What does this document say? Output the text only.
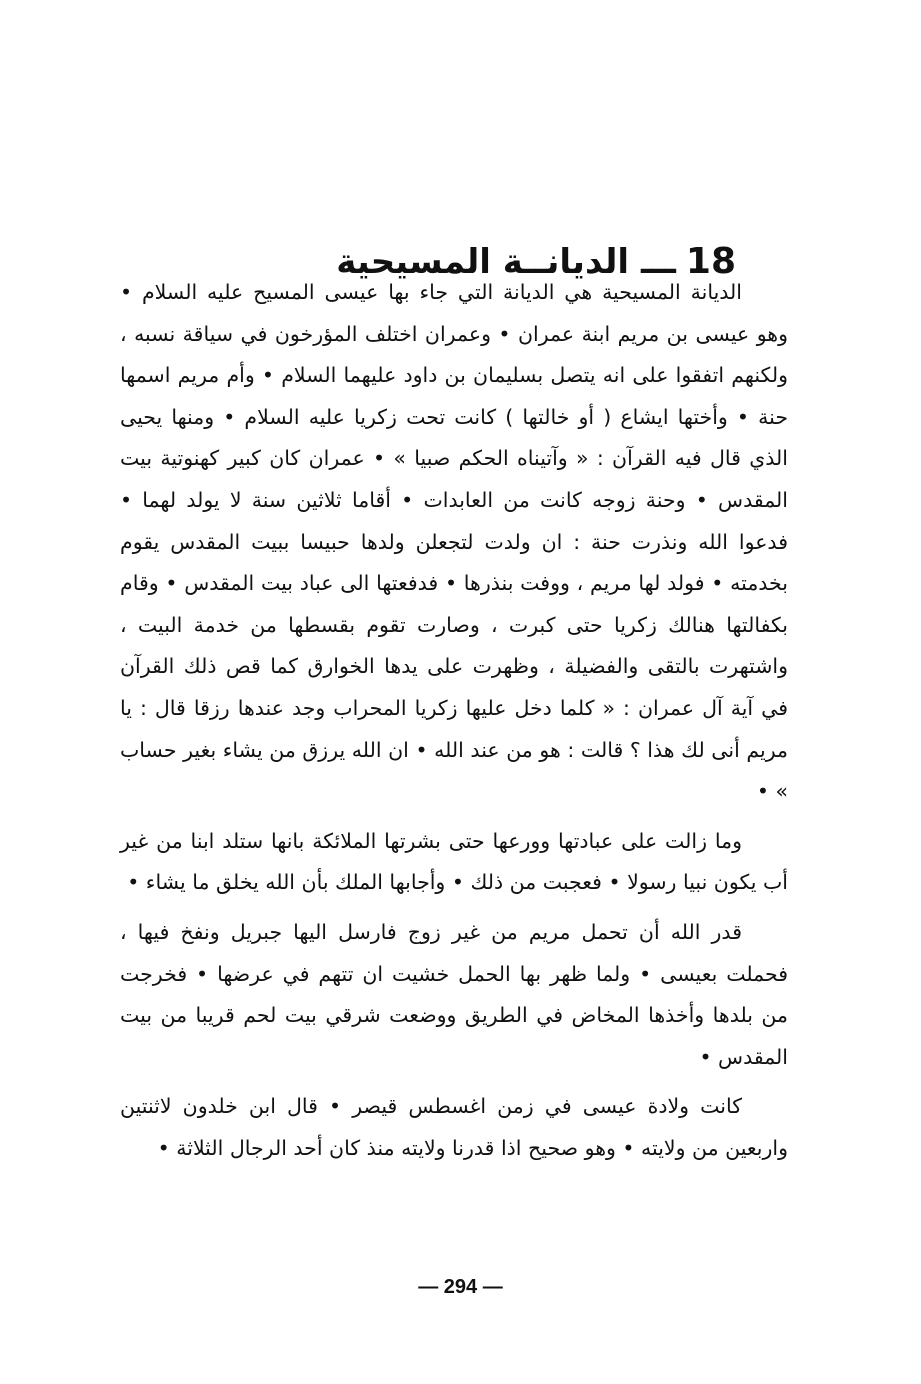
18ـــالديانــة المسيحية

الديانة المسيحية هي الديانة التي جاء بها عيسى المسيح عليه السلام • وهو عيسى بن مريم ابنة عمران • وعمران اختلف المؤرخون في سياقة نسبه ، ولكنهم اتفقوا على انه يتصل بسليمان بن داود عليهما السلام • وأم مريم اسمها حنة • وأختها ايشاع ( أو خالتها ) كانت تحت زكريا عليه السلام • ومنها يحيى الذي قال فيه القرآن : « وآتيناه الحكم صبيا » • عمران كان كبير كهنوتية بيت المقدس • وحنة زوجه كانت من العابدات • أقاما ثلاثين سنة لا يولد لهما • فدعوا الله ونذرت حنة : ان ولدت لتجعلن ولدها حبيسا ببيت المقدس يقوم بخدمته • فولد لها مريم ، ووفت بنذرها • فدفعتها الى عباد بيت المقدس • وقام بكفالتها هنالك زكريا حتى كبرت ، وصارت تقوم بقسطها من خدمة البيت ، واشتهرت بالتقى والفضيلة ، وظهرت على يدها الخوارق كما قص ذلك القرآن في آية آل عمران : « كلما دخل عليها زكريا المحراب وجد عندها رزقا قال : يا مريم أنى لك هذا ؟ قالت : هو من عند الله • ان الله يرزق من يشاء بغير حساب » •

وما زالت على عبادتها وورعها حتى بشرتها الملائكة بانها ستلد ابنا من غير أب يكون نبيا رسولا • فعجبت من ذلك • وأجابها الملك بأن الله يخلق ما يشاء •

قدر الله أن تحمل مريم من غير زوج فارسل اليها جبريل ونفخ فيها ، فحملت بعيسى • ولما ظهر بها الحمل خشيت ان تتهم في عرضها • فخرجت من بلدها وأخذها المخاض في الطريق ووضعت شرقي بيت لحم قريبا من بيت المقدس •

كانت ولادة عيسى في زمن اغسطس قيصر • قال ابن خلدون لاثنتين واربعين من ولايته • وهو صحيح اذا قدرنا ولايته منذ كان أحد الرجال الثلاثة •

— 294 —
